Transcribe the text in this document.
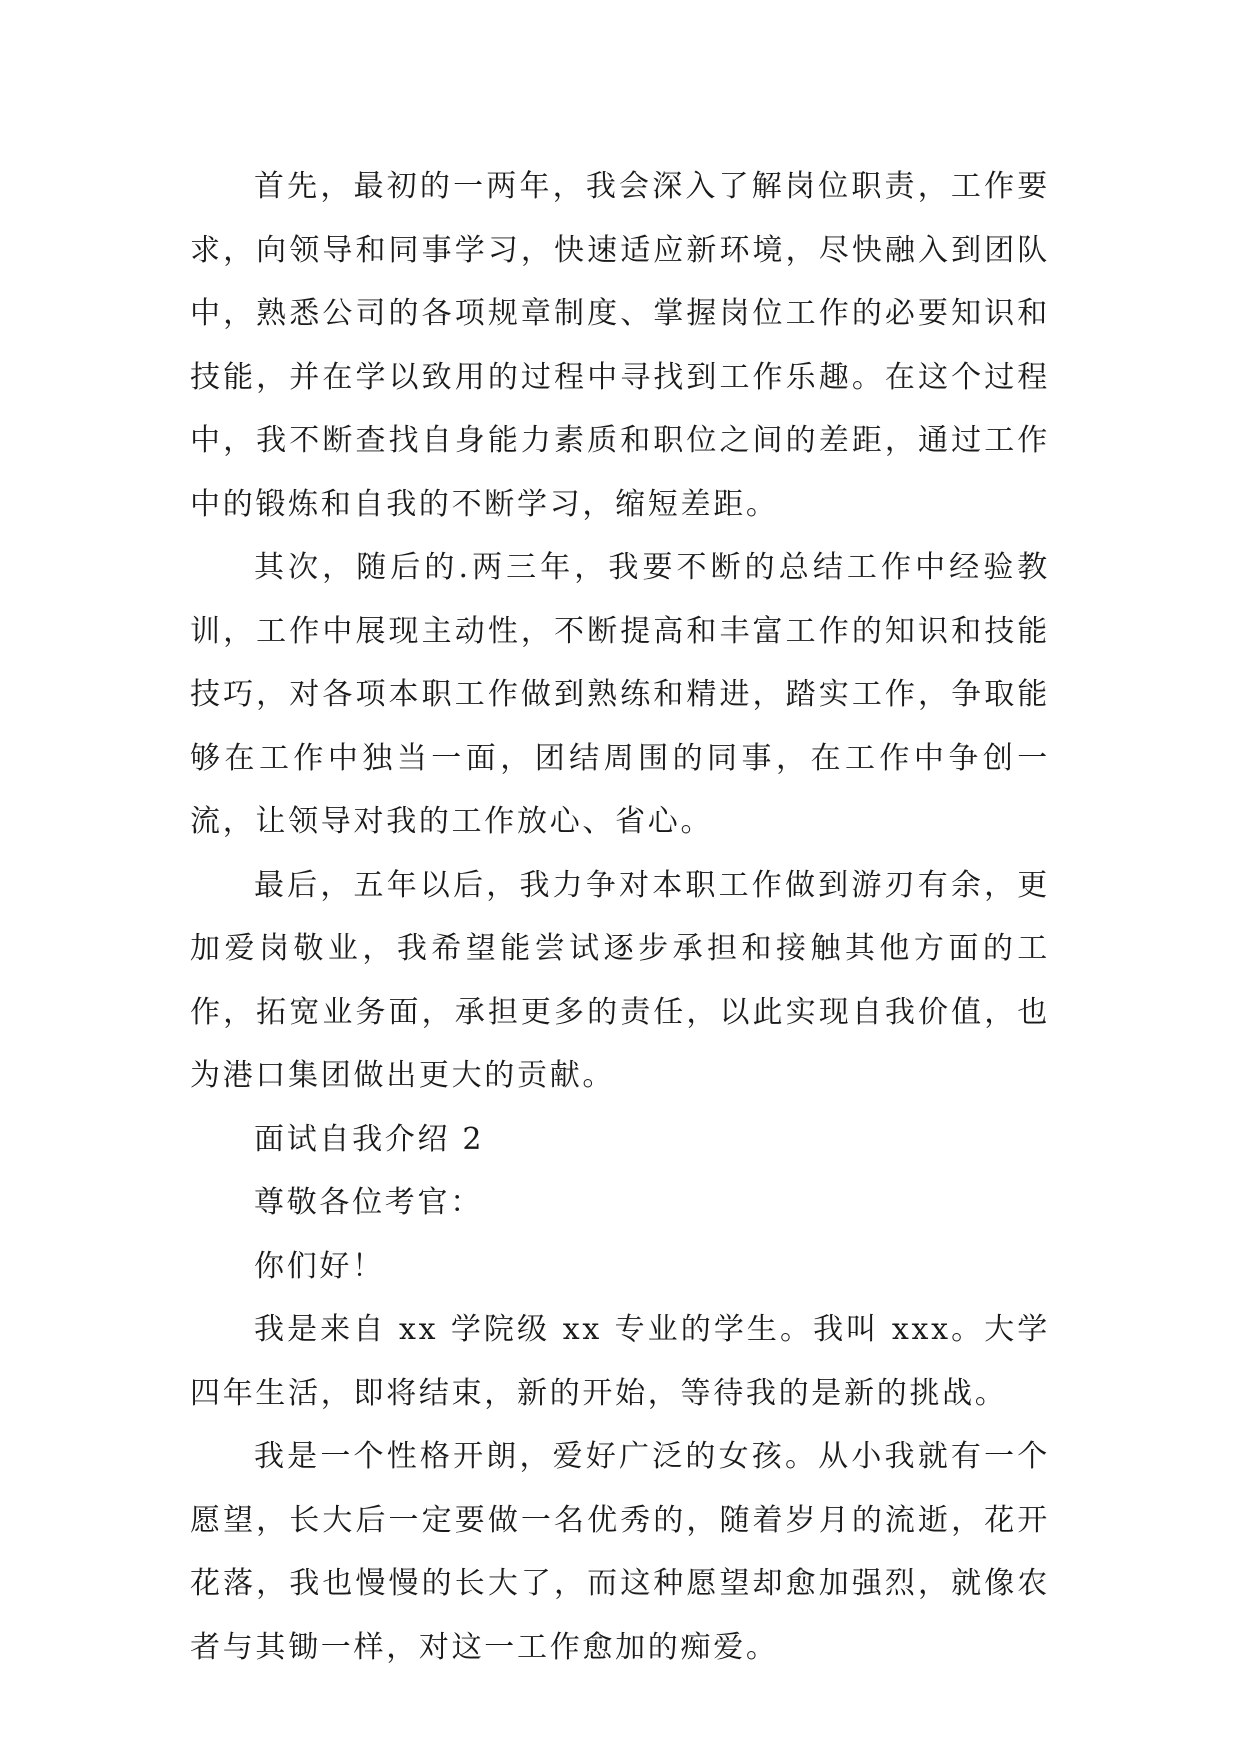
首先，最初的一两年，我会深入了解岗位职责，工作要求，向领导和同事学习，快速适应新环境，尽快融入到团队中，熟悉公司的各项规章制度、掌握岗位工作的必要知识和技能，并在学以致用的过程中寻找到工作乐趣。在这个过程中，我不断查找自身能力素质和职位之间的差距，通过工作中的锻炼和自我的不断学习，缩短差距。

其次，随后的.两三年，我要不断的总结工作中经验教训，工作中展现主动性，不断提高和丰富工作的知识和技能技巧，对各项本职工作做到熟练和精进，踏实工作，争取能够在工作中独当一面，团结周围的同事，在工作中争创一流，让领导对我的工作放心、省心。

最后，五年以后，我力争对本职工作做到游刃有余，更加爱岗敬业，我希望能尝试逐步承担和接触其他方面的工作，拓宽业务面，承担更多的责任，以此实现自我价值，也为港口集团做出更大的贡献。

面试自我介绍 2

尊敬各位考官：

你们好！

我是来自 xx 学院级 xx 专业的学生。我叫 xxx。大学四年生活，即将结束，新的开始，等待我的是新的挑战。

我是一个性格开朗，爱好广泛的女孩。从小我就有一个愿望，长大后一定要做一名优秀的，随着岁月的流逝，花开花落，我也慢慢的长大了，而这种愿望却愈加强烈，就像农者与其锄一样，对这一工作愈加的痴爱。
